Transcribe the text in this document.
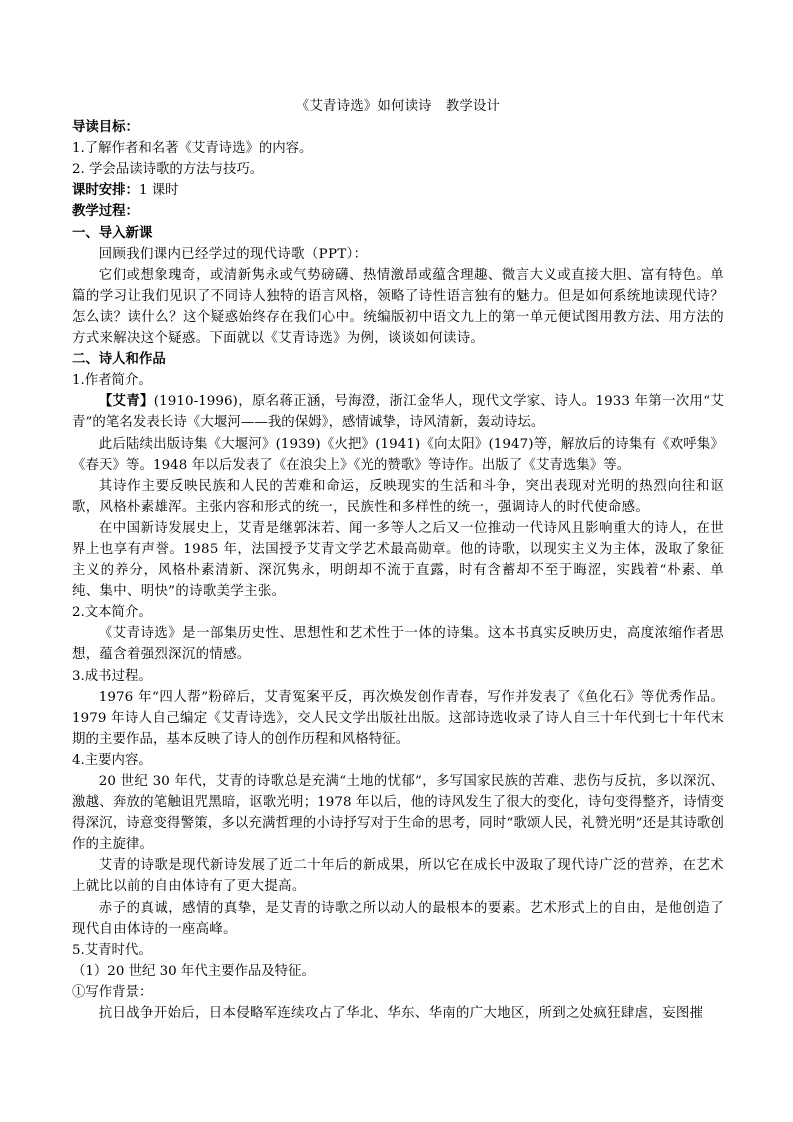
《艾青诗选》如何读诗 教学设计

导读目标：

1.了解作者和名著《艾青诗选》的内容。

2. 学会品读诗歌的方法与技巧。

课时安排：1 课时

教学过程：

一、导入新课

回顾我们课内已经学过的现代诗歌（PPT）：

它们或想象瑰奇，或清新隽永或气势磅礴、热情激昂或蕴含理趣、微言大义或直接大胆、富有特色。单篇的学习让我们见识了不同诗人独特的语言风格，领略了诗性语言独有的魅力。但是如何系统地读现代诗？怎么读？读什么？这个疑惑始终存在我们心中。统编版初中语文九上的第一单元便试图用教方法、用方法的方式来解决这个疑惑。下面就以《艾青诗选》为例，谈谈如何读诗。

二、诗人和作品

1.作者简介。

【艾青】(1910-1996)，原名蒋正涵，号海澄，浙江金华人，现代文学家、诗人。1933 年第一次用“艾青”的笔名发表长诗《大堰河——我的保姆》，感情诚挚，诗风清新，轰动诗坛。

此后陆续出版诗集《大堰河》(1939)《火把》(1941)《向太阳》(1947)等，解放后的诗集有《欢呼集》《春天》等。1948 年以后发表了《在浪尖上》《光的赞歌》等诗作。出版了《艾青选集》等。

其诗作主要反映民族和人民的苦难和命运，反映现实的生活和斗争，突出表现对光明的热烈向往和讴歌，风格朴素雄浑。主张内容和形式的统一，民族性和多样性的统一，强调诗人的时代使命感。

在中国新诗发展史上，艾青是继郭沫若、闻一多等人之后又一位推动一代诗风且影响重大的诗人，在世界上也享有声誉。1985 年，法国授予艾青文学艺术最高勋章。他的诗歌，以现实主义为主体，汲取了象征主义的养分，风格朴素清新、深沉隽永，明朗却不流于直露，时有含蓄却不至于晦涩，实践着“朴素、单纯、集中、明快”的诗歌美学主张。

2.文本简介。

《艾青诗选》是一部集历史性、思想性和艺术性于一体的诗集。这本书真实反映历史，高度浓缩作者思想，蕴含着强烈深沉的情感。

3.成书过程。

1976 年“四人帮”粉碎后，艾青冤案平反，再次焕发创作青春，写作并发表了《鱼化石》等优秀作品。1979 年诗人自己编定《艾青诗选》，交人民文学出版社出版。这部诗选收录了诗人自三十年代到七十年代末期的主要作品，基本反映了诗人的创作历程和风格特征。

4.主要内容。

20 世纪 30 年代，艾青的诗歌总是充满“土地的忧郁”，多写国家民族的苦难、悲伤与反抗，多以深沉、激越、奔放的笔触诅咒黑暗，讴歌光明；1978 年以后，他的诗风发生了很大的变化，诗句变得整齐，诗情变得深沉，诗意变得警策，多以充满哲理的小诗抒写对于生命的思考，同时“歌颂人民，礼赞光明”还是其诗歌创作的主旋律。

艾青的诗歌是现代新诗发展了近二十年后的新成果，所以它在成长中汲取了现代诗广泛的营养，在艺术上就比以前的自由体诗有了更大提高。

赤子的真诚，感情的真挚，是艾青的诗歌之所以动人的最根本的要素。艺术形式上的自由，是他创造了现代自由体诗的一座高峰。

5.艾青时代。

（1）20 世纪 30 年代主要作品及特征。

①写作背景：

抗日战争开始后，日本侵略军连续攻占了华北、华东、华南的广大地区，所到之处疯狂肆虐，妄图摧
